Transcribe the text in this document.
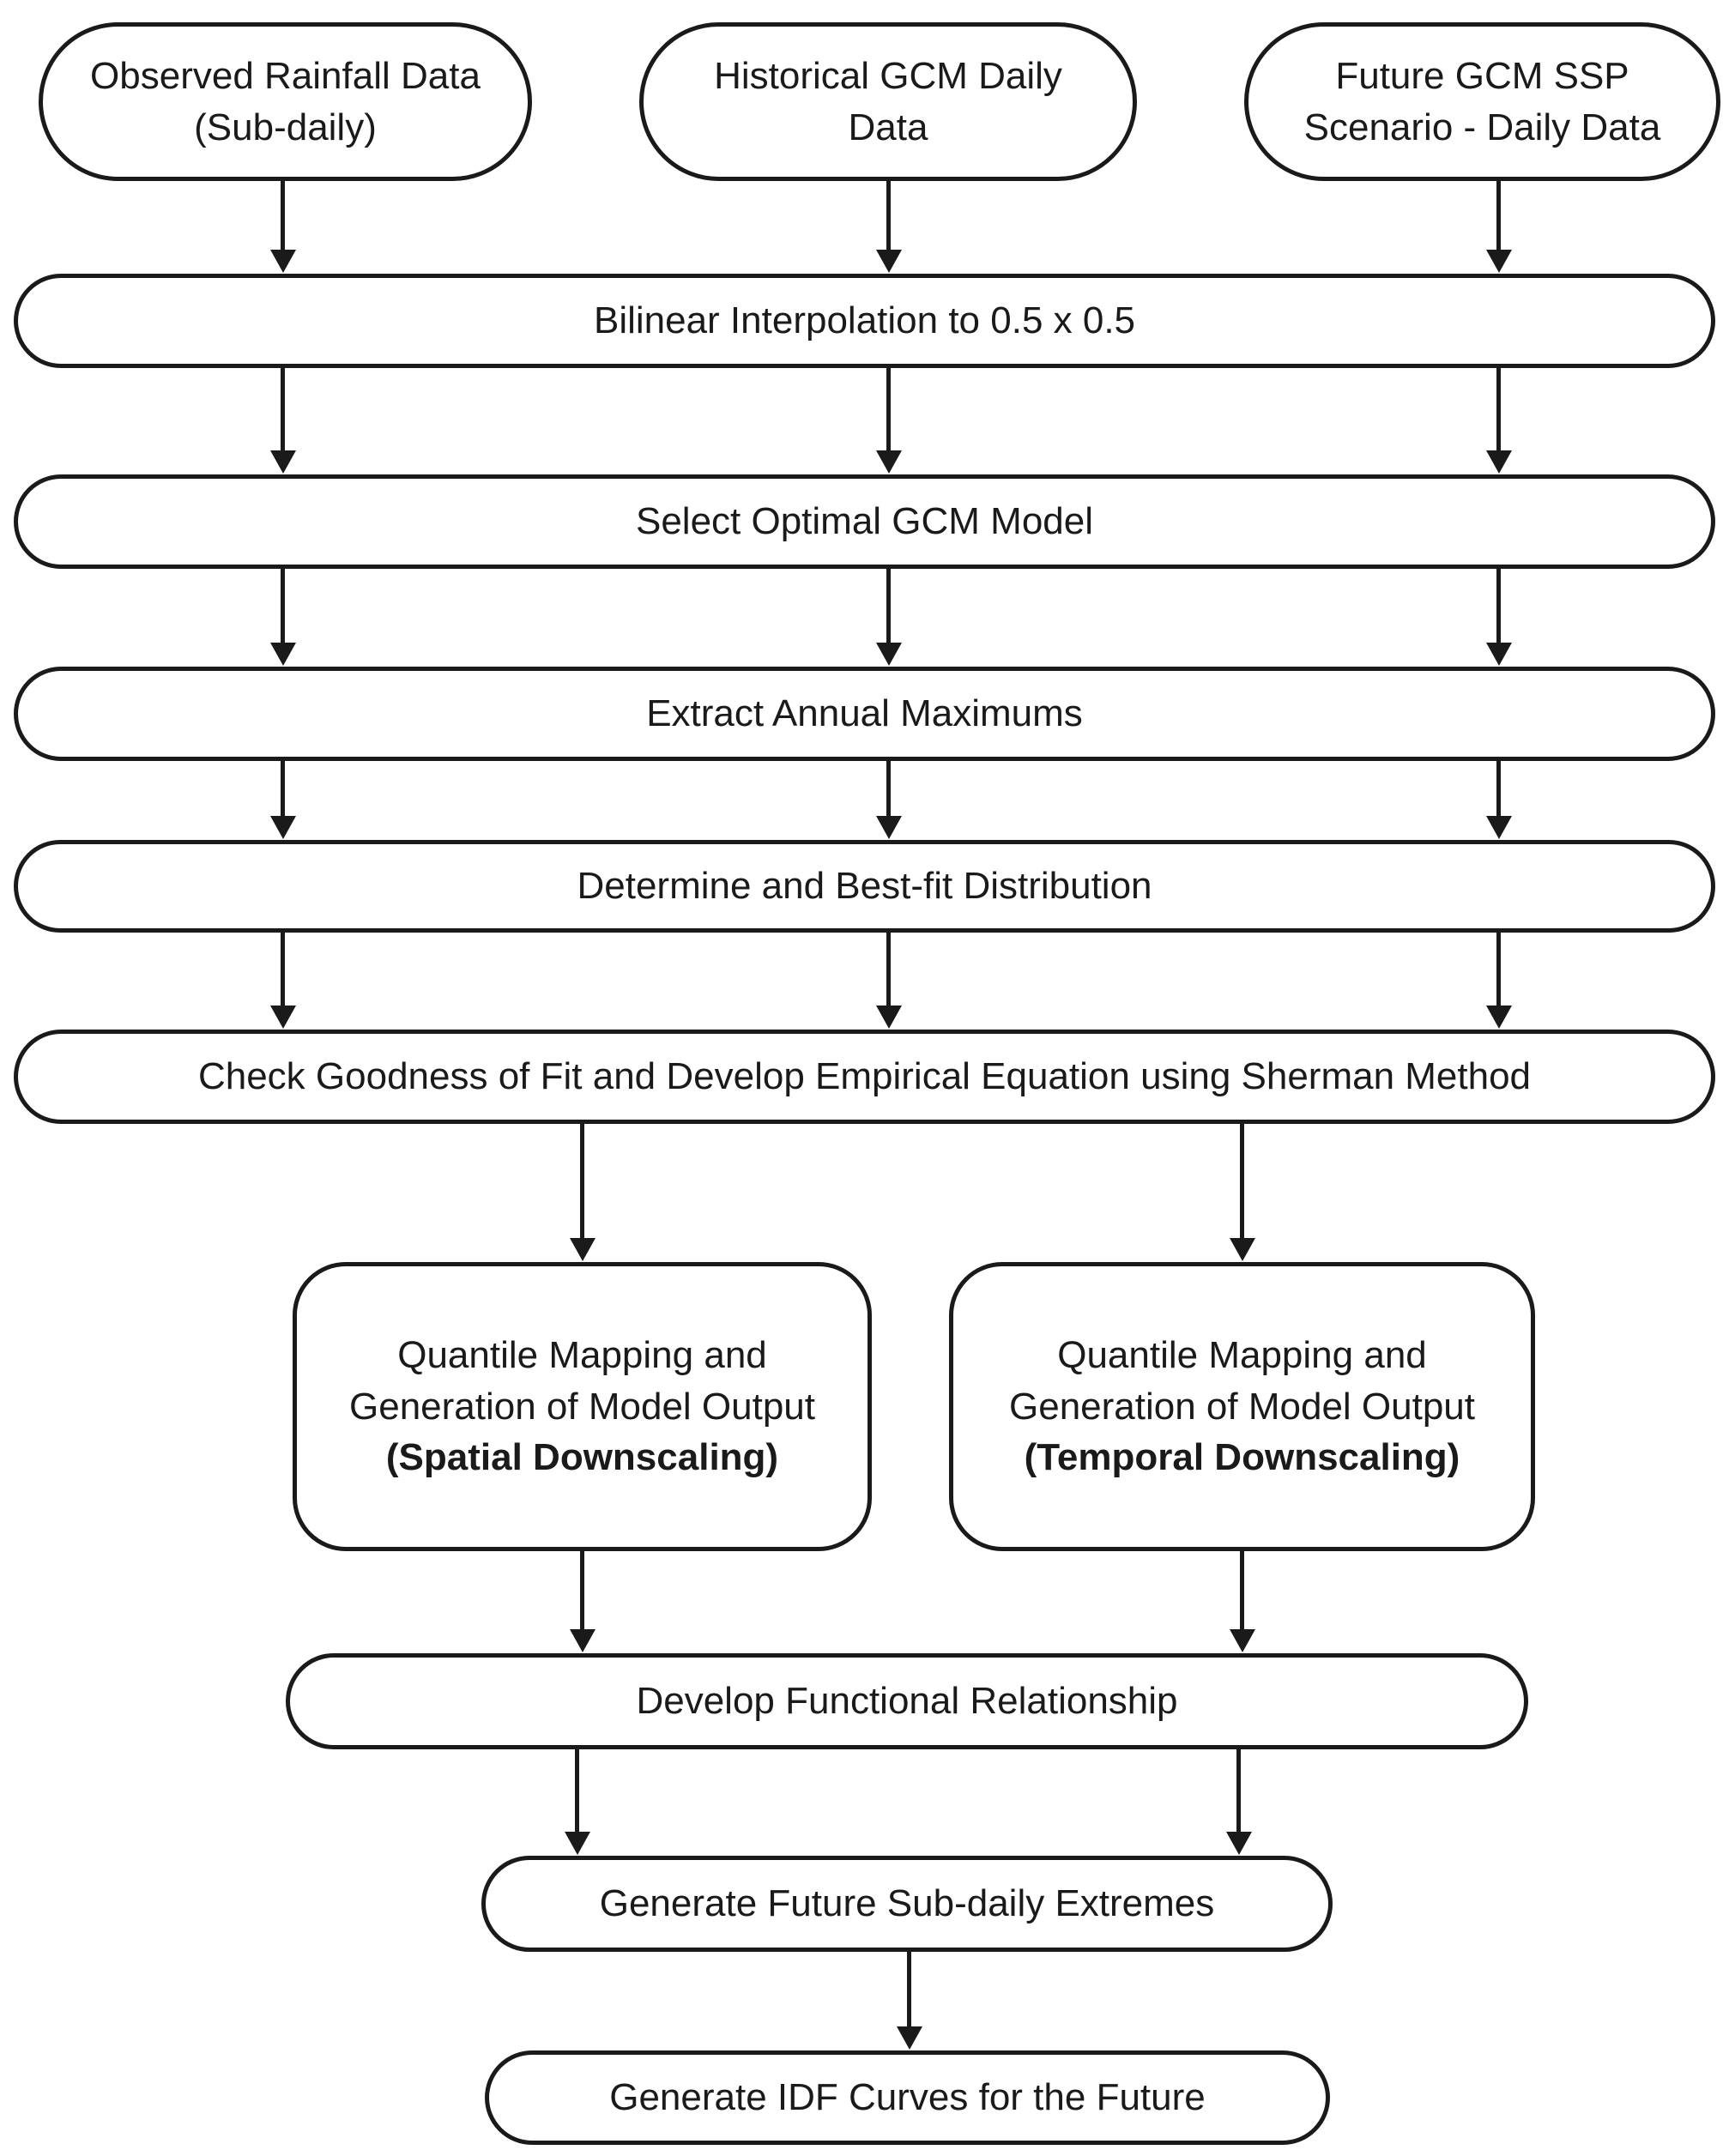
Observed Rainfall Data
(Sub-daily)
Historical GCM Daily
Data
Future GCM SSP
Scenario - Daily Data
Bilinear Interpolation to 0.5 x 0.5
Select Optimal GCM Model
Extract Annual Maximums
Determine and Best-fit Distribution
Check Goodness of Fit and Develop Empirical Equation using Sherman Method
Quantile Mapping and
Generation of Model Output
(Spatial Downscaling)
Quantile Mapping and
Generation of Model Output
(Temporal Downscaling)
Develop Functional Relationship
Generate Future Sub-daily Extremes
Generate IDF Curves for the Future
